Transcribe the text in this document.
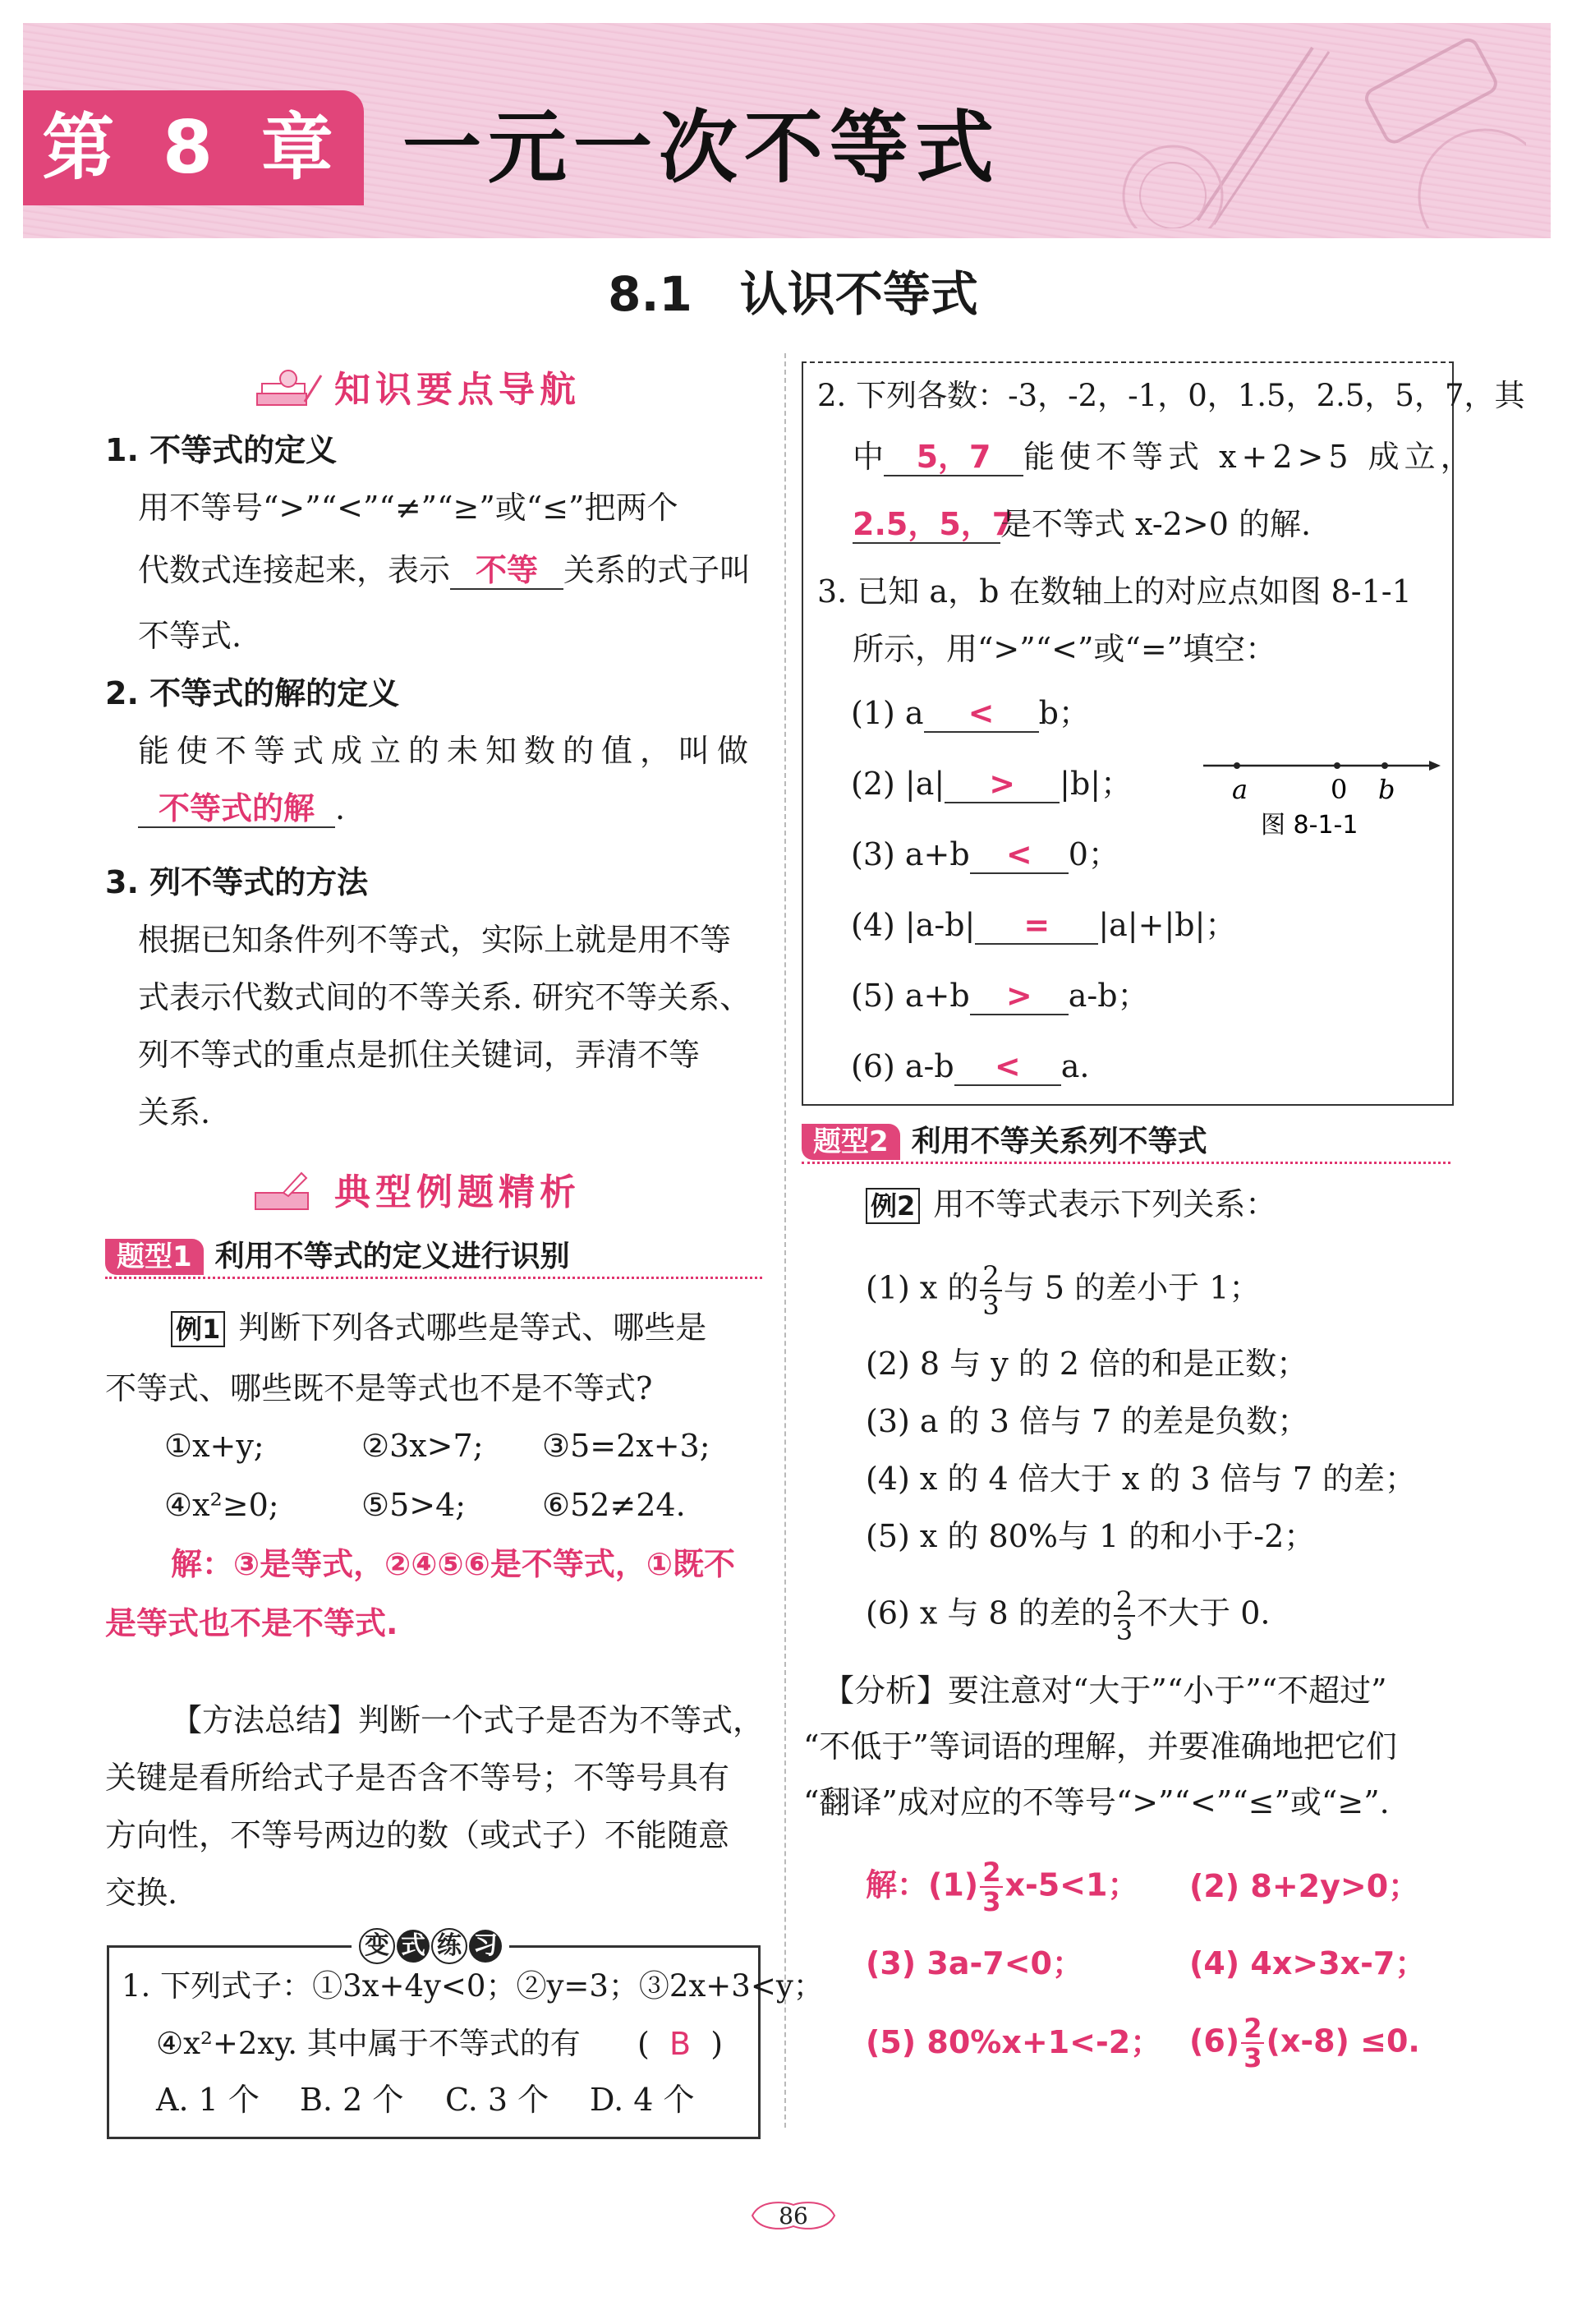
第 8 章 一元一次不等式
8.1　认识不等式
知识要点导航
1. 不等式的定义
用不等号“>”“<”“≠”“≥”或“≤”把两个
代数式连接起来，表示 不等 关系的式子叫
不等式.
2. 不等式的解的定义
能使不等式成立的未知数的值，叫做
不等式的解 .
3. 列不等式的方法
根据已知条件列不等式，实际上就是用不等
式表示代数式间的不等关系. 研究不等关系、
列不等式的重点是抓住关键词，弄清不等
关系.
典型例题精析
题型1 利用不等式的定义进行识别
例1 判断下列各式哪些是等式、哪些是
不等式、哪些既不是等式也不是不等式?
①x+y;	②3x>7; ③5=2x+3;
④x²≥0;	⑤5>4; ⑥52≠24.
解：③是等式，②④⑤⑥是不等式，①既不
是等式也不是不等式.
【方法总结】判断一个式子是否为不等式，
关键是看所给式子是否含不等号；不等号具有
方向性，不等号两边的数（或式子）不能随意
交换.
变 式 练 习
1. 下列式子：①3x+4y<0；②y=3；③2x+3<y；
④x²+2xy. 其中属于不等式的有 ( B )
A. 1 个 B. 2 个 C. 3 个 D. 4 个
2. 下列各数：-3，-2，-1，0，1.5，2.5，5，7，其
中 5，7 能使不等式 x+2>5 成立，
2.5，5，7是不等式 x-2>0 的解.
3. 已知 a，b 在数轴上的对应点如图 8-1-1
所示，用“>”“<”或“=”填空：
(1) a < b；
(2) |a| > |b|；
(3) a+b < 0；
(4) |a-b| = |a|+|b|；
(5) a+b > a-b；
(6) a-b < a.
a	0 b
图 8-1-1
题型2 利用不等关系列不等式
例2 用不等式表示下列关系：
(1) x 的 $\frac{2}{3}$ 与 5 的差小于 1；
(2) 8 与 y 的 2 倍的和是正数；
(3) a 的 3 倍与 7 的差是负数；
(4) x 的 4 倍大于 x 的 3 倍与 7 的差；
(5) x 的 80%与 1 的和小于-2；
(6) x 与 8 的差的 $\frac{2}{3}$ 不大于 0.
【分析】要注意对“大于”“小于”“不超过”
“不低于”等词语的理解，并要准确地把它们
“翻译”成对应的不等号“>”“<”“≤”或“≥”.
解：$(1) \frac{2}{3} x-5<1$； (2) 8+2y>0；
(3) 3a-7<0；	(4) 4x>3x-7；
(5) 80%x+1<-2； $(6) \frac{2}{3} (x-8) \le 0$.
86
